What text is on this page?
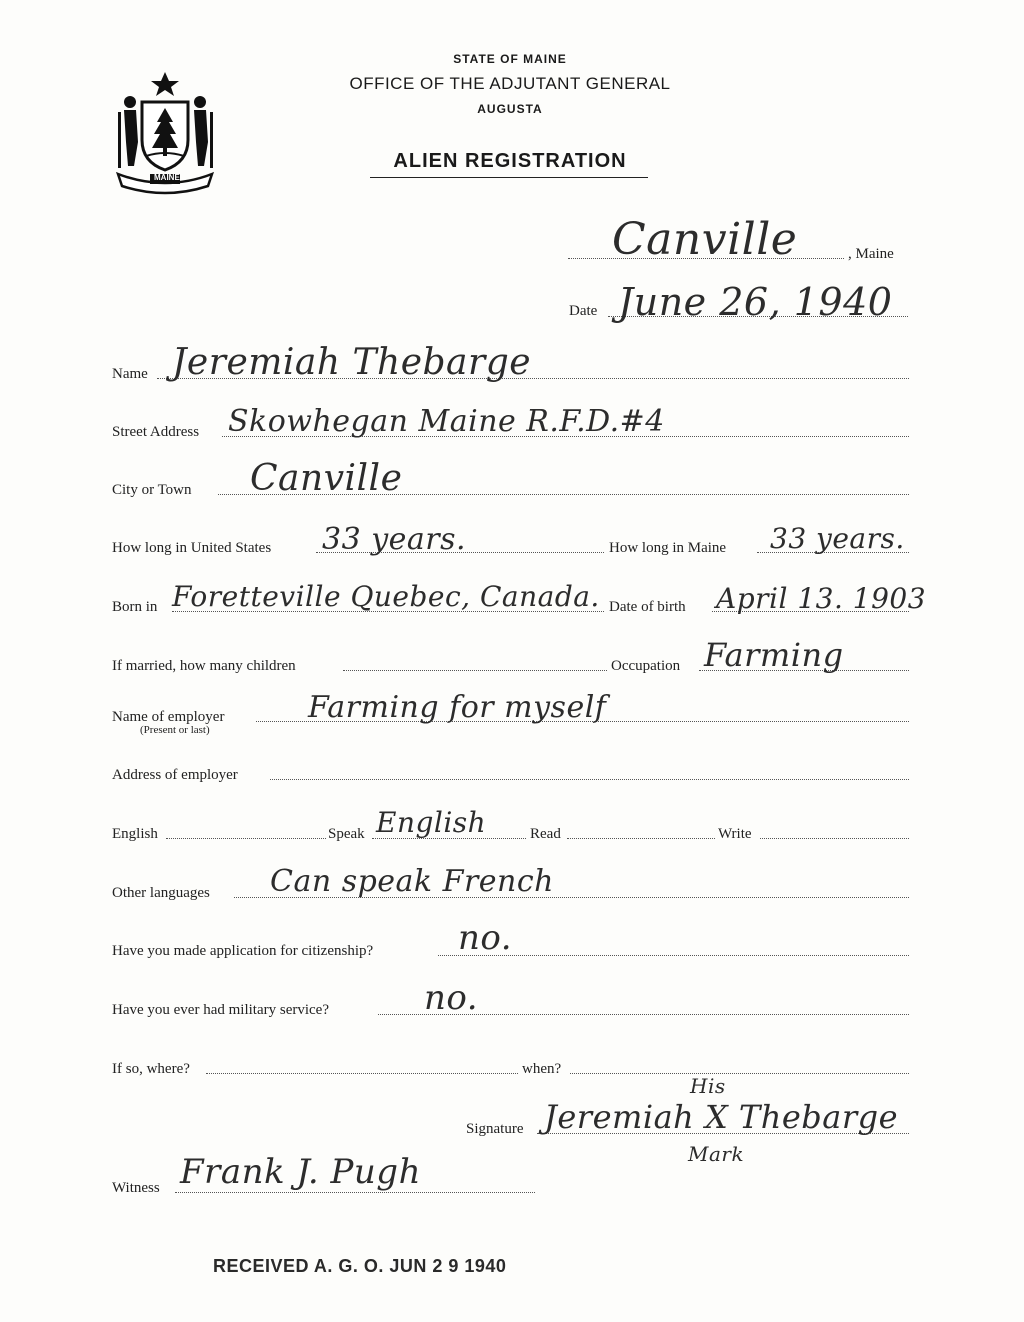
MAINE
STATE OF MAINE
OFFICE OF THE ADJUTANT GENERAL
AUGUSTA
ALIEN REGISTRATION
Canville	, Maine
Date June 26, 1940
Name Jeremiah Thebarge
Street Address Skowhegan Maine R.F.D.#4
City or Town Canville
How long in United States 33 years.	How long in Maine 33 years.
Born in Foretteville Quebec, Canada. Date of birth April 13. 1903
If married, how many children	Occupation Farming
Name of employer
(Present or last)
Farming for myself
Address of employer
English	Speak English	Read	Write
Other languages Can speak French
Have you made application for citizenship? no.
Have you ever had military service?	no.
If so, where?	when?
His
Signature Jeremiah X Thebarge
Mark
Witness Frank J. Pugh
RECEIVED A. G. O. JUN 2 9 1940
